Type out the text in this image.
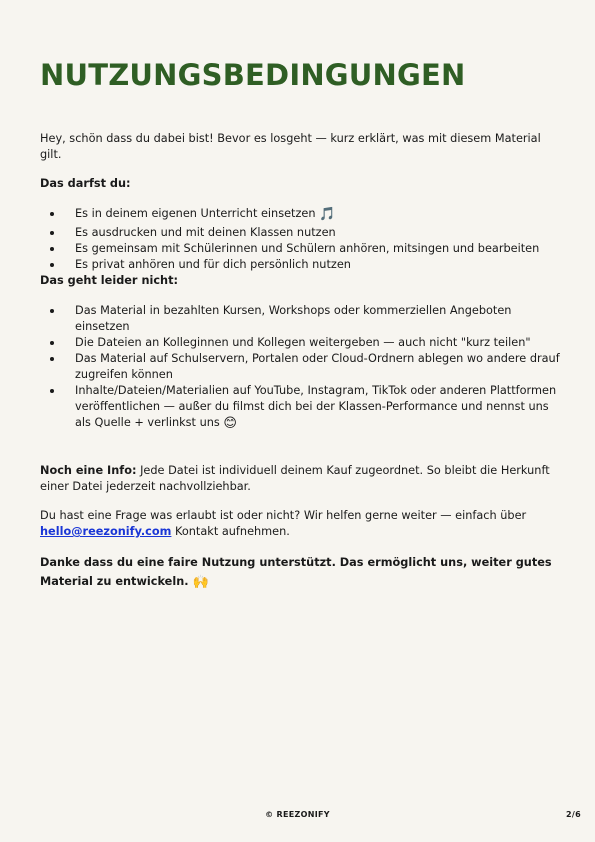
NUTZUNGSBEDINGUNGEN

Hey, schön dass du dabei bist! Bevor es losgeht — kurz erklärt, was mit diesem Material gilt.

Das darfst du:

Es in deinem eigenen Unterricht einsetzen 🎵
Es ausdrucken und mit deinen Klassen nutzen
Es gemeinsam mit Schülerinnen und Schülern anhören, mitsingen und bearbeiten
Es privat anhören und für dich persönlich nutzen

Das geht leider nicht:

Das Material in bezahlten Kursen, Workshops oder kommerziellen Angeboten einsetzen
Die Dateien an Kolleginnen und Kollegen weitergeben — auch nicht "kurz teilen"
Das Material auf Schulservern, Portalen oder Cloud-Ordnern ablegen wo andere drauf zugreifen können
Inhalte/Dateien/Materialien auf YouTube, Instagram, TikTok oder anderen Plattformen veröffentlichen — außer du filmst dich bei der Klassen-Performance und nennst uns als Quelle + verlinkst uns 😊

Noch eine Info: Jede Datei ist individuell deinem Kauf zugeordnet. So bleibt die Herkunft einer Datei jederzeit nachvollziehbar.

Du hast eine Frage was erlaubt ist oder nicht? Wir helfen gerne weiter — einfach über hello@reezonify.com Kontakt aufnehmen.

Danke dass du eine faire Nutzung unterstützt. Das ermöglicht uns, weiter gutes Material zu entwickeln. 🙌

© REEZONIFY	2/6
